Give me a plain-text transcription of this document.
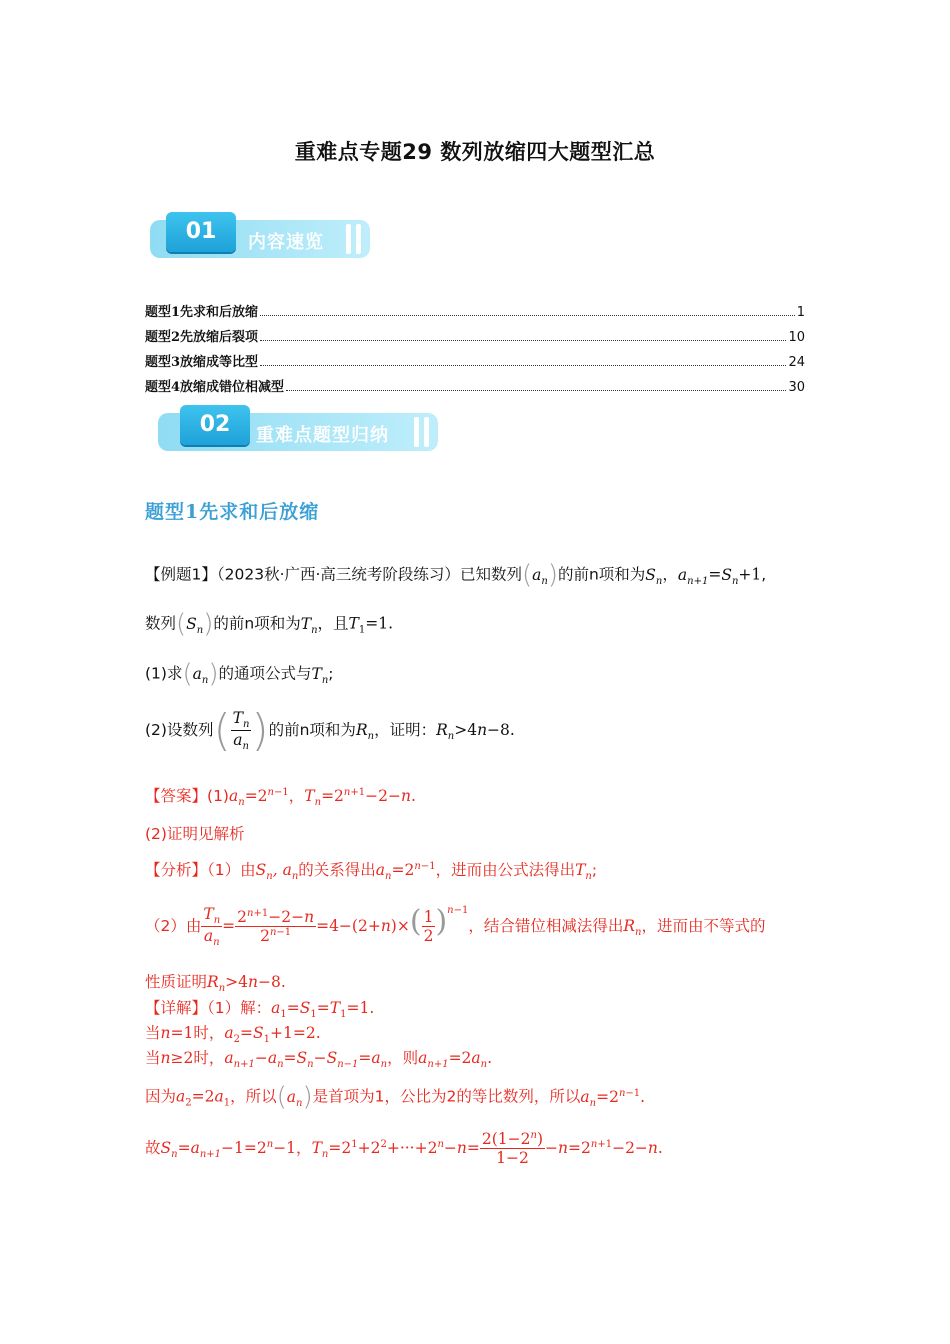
重难点专题29 数列放缩四大题型汇总
01	内容速览
题型1先求和后放缩	1
题型2先放缩后裂项	10
题型3放缩成等比型	24
题型4放缩成错位相减型	30
02	重难点题型归纳
题型1先求和后放缩
【例题1】（2023秋·广西·高三统考阶段练习）已知数列$(a_n)$的前n项和为$S_n$，$a_{n+1}=S_n+1$,
数列$(S_n)$的前n项和为$T_n$，且$T_1=1$.
(1)求$(a_n)$的通项公式与$T_n$;
(2)设数列( $\frac{T_n}{a_n}$ )的前n项和为$R_n$，证明：$R_n>4n-8$.
【答案】$(1)a_n=2^{n-1}$，$T_n=2^{n+1}-2-n$.
(2)证明见解析
【分析】（1）由$S_n$, $a_n$的关系得出$a_n=2^{n-1}$，进而由公式法得出$T_n$;
（2）由 $\frac{T_n}{a_n} = \frac{2^{n+1}-2-n}{2^{n-1}} =4-(2+n)\times( \frac{1}{2} )^{n-1}$，结合错位相减法得出$R_n$，进而由不等式的
性质证明$R_n>4n-8$.
【详解】（1）解：$a_1=S_1=T_1=1$.
当n=1时，$a_2=S_1+1=2$.
当n≥2时，$a_{n+1}-a_n=S_n-S_{n-1}=a_n$，则$a_{n+1}=2a_n$.
因为$a_2=2a_1$，所以$(a_n)$是首项为1，公比为2的等比数列，所以$a_n=2^{n-1}$.
故$S_n=a_{n+1}-1=2^n-1$，$T_n=2^1+2^2+\cdot\cdot\cdot+2^n-n= \frac{2(1-2^n)}{1-2} -n=2^{n+1}-2-n$.
